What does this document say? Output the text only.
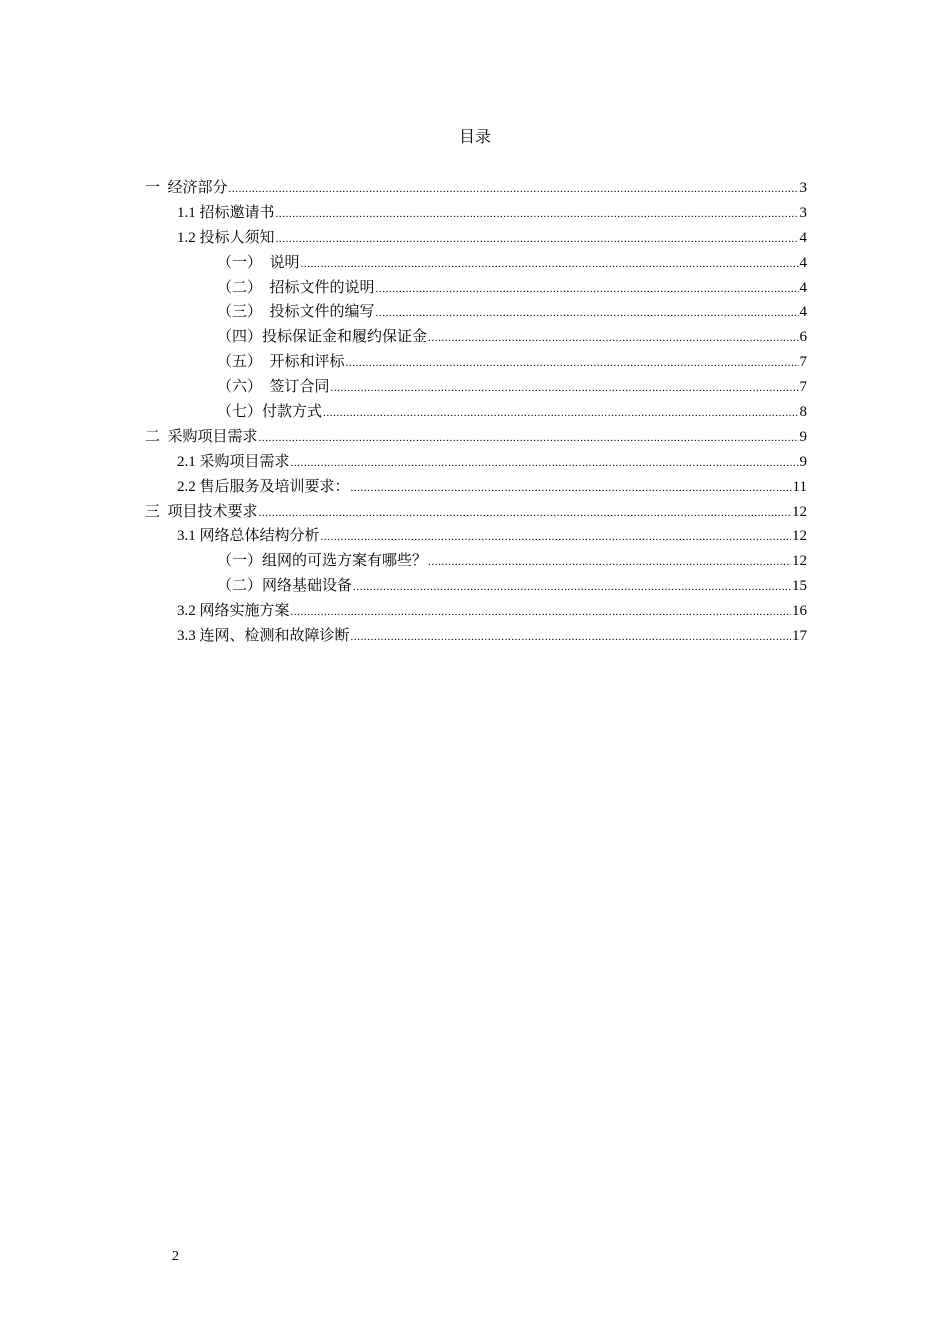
目录
一  经济部分 .....	3
1.1 招标邀请书 .....	3
1.2 投标人须知 .....	4
（一）  说明 .....	4
（二）  招标文件的说明 .....	4
（三）  投标文件的编写 .....	4
（四）投标保证金和履约保证金 .....	6
（五）  开标和评标 .....	7
（六）  签订合同 .....	7
（七）付款方式 .....	8
二  采购项目需求 .....	9
2.1 采购项目需求 .....	9
2.2 售后服务及培训要求： .....	11
三  项目技术要求 .....	12
3.1 网络总体结构分析 .....	12
（一）组网的可选方案有哪些？ .....	12
（二）网络基础设备 .....	15
3.2 网络实施方案 .....	16
3.3 连网、检测和故障诊断 .....	17
2
